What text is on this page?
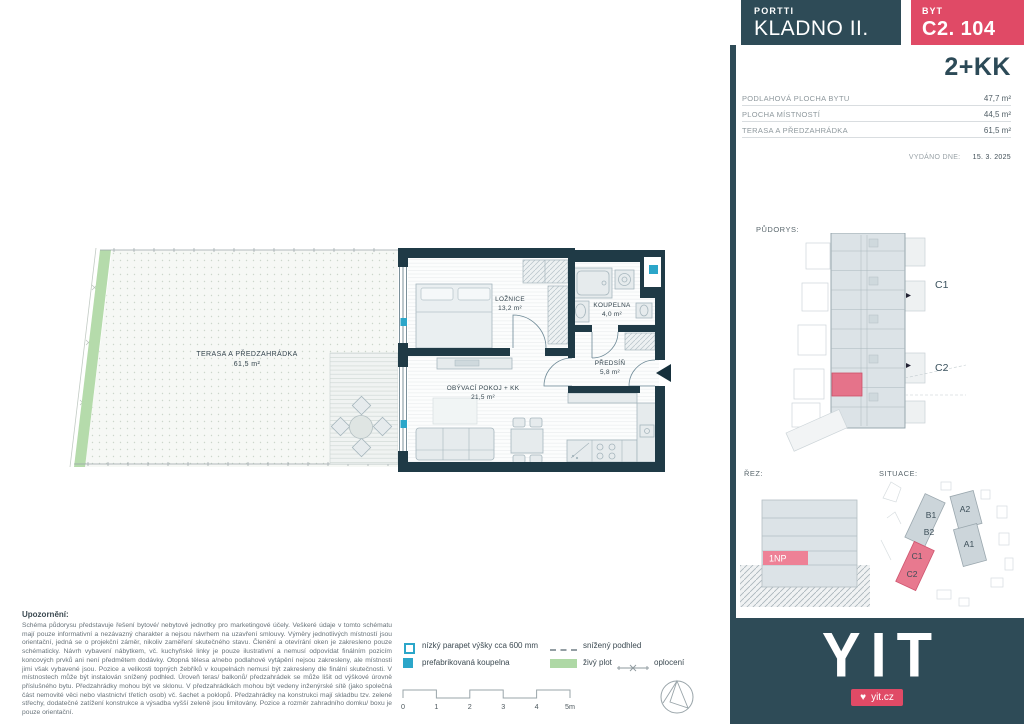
TERASA A PŘEDZAHRÁDKA
61,5 m²
LOŽNICE
13,2 m²	KOUPELNA
4,0 m²
PŘEDSÍŇ
5,8 m²
OBÝVACÍ POKOJ + KK
21,5 m²
0	1	2	3	4	5m
Upozornění:
Schéma půdorysu představuje řešení bytové/ nebytové jednotky pro marketingové účely. Veškeré údaje v tomto schématu mají pouze informativní a nezávazný charakter a nejsou návrhem na uzavření smlouvy. Výměry jednotlivých místností jsou orientační, jedná se o projekční záměr, nikoliv zaměření skutečného stavu. Členění a otevírání oken je zakresleno pouze schématicky. Návrh vybavení nábytkem, vč. kuchyňské linky je pouze ilustrativní a nemusí odpovídat finálním pozicím koncových prvků ani není předmětem dodávky. Otopná tělesa a/nebo podlahové vytápění nejsou zakresleny, ale místnosti jimi však vybavené jsou. Pozice a velikosti topných žebříků v koupelnách nemusí být zakresleny dle finální skutečnosti. V místnostech může být instalován snížený podhled. Úroveň teras/ balkonů/ předzahrádek se může lišit od výškové úrovně příslušného bytu. Předzahrádky mohou být ve sklonu. V předzahrádkách mohou být vedeny inženýrské sítě (jako společná část nemovité věci nebo vlastnictví třetích osob) vč. šachet a poklopů. Předzahrádky na konstrukci mají skladbu tzv. zelené střechy, dodatečné zatížení konstrukce a výsadba vyšší zeleně jsou limitovány. Pozice a rozměr zahradního domku/ boxu je pouze orientační.
nízký parapet výšky cca 600 mm	snížený podhled
prefabrikovaná koupelna	živý plot	oplocení
PORTTI
KLADNO II.
BYT
C2. 104
2+KK
PODLAHOVÁ PLOCHA BYTU	47,7 m²
PLOCHA MÍSTNOSTÍ	44,5 m²
TERASA A PŘEDZAHRÁDKA	61,5 m²
VYDÁNO DNE: 15. 3. 2025
PŮDORYS:
C1
C2
ŘEZ:
1NP
SITUACE:
B1
B2
A2
A1
C1
C2
YIT
♥ yit.cz
